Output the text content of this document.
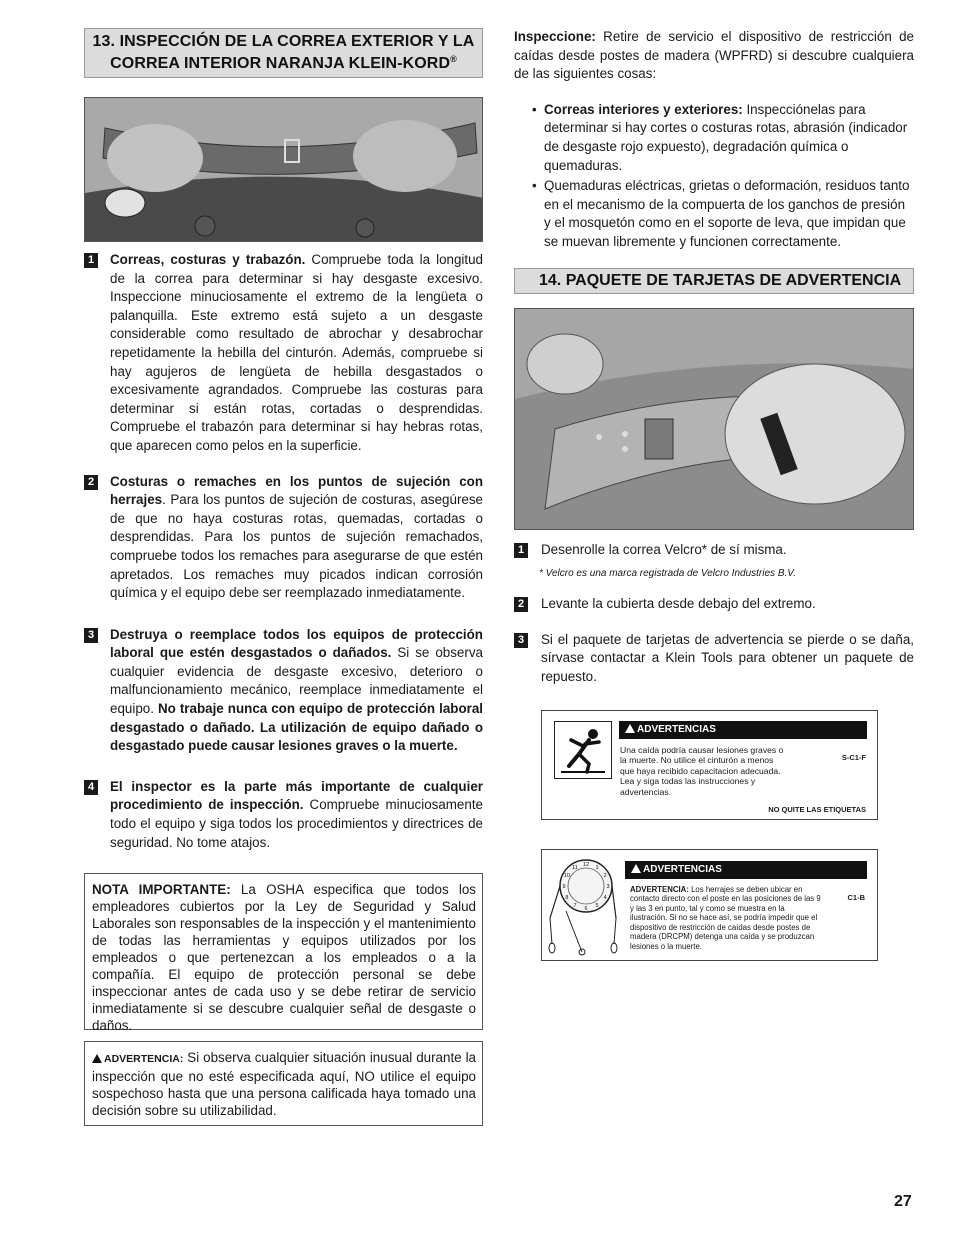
13. INSPECCIÓN DE LA CORREA EXTERIOR Y LA CORREA INTERIOR NARANJA KLEIN-KORD®
1 Correas, costuras y trabazón. Compruebe toda la longitud de la correa para determinar si hay desgaste excesivo. Inspeccione minuciosamente el extremo de la lengüeta o palanquilla. Este extremo está sujeto a un desgaste considerable como resultado de abrochar y desabrochar repetidamente la hebilla del cinturón. Además, compruebe si hay agujeros de lengüeta de hebilla desgastados o excesivamente agrandados. Compruebe las costuras para determinar si están rotas, cortadas o desprendidas. Compruebe el trabazón para determinar si hay hebras rotas, que aparecen como pelos en la superficie.
2 Costuras o remaches en los puntos de sujeción con herrajes. Para los puntos de sujeción de costuras, asegúrese de que no haya costuras rotas, quemadas, cortadas o desprendidas. Para los puntos de sujeción remachados, compruebe todos los remaches para asegurarse de que estén apretados. Los remaches muy picados indican corrosión química y el equipo debe ser reemplazado inmediatamente.
3 Destruya o reemplace todos los equipos de protección laboral que estén desgastados o dañados. Si se observa cualquier evidencia de desgaste excesivo, deterioro o malfuncionamiento mecánico, reemplace inmediatamente el equipo. No trabaje nunca con equipo de protección laboral desgastado o dañado. La utilización de equipo dañado o desgastado puede causar lesiones graves o la muerte.
4 El inspector es la parte más importante de cualquier procedimiento de inspección. Compruebe minuciosamente todo el equipo y siga todos los procedimientos y directrices de seguridad. No tome atajos.
NOTA IMPORTANTE: La OSHA especifica que todos los empleadores cubiertos por la Ley de Seguridad y Salud Laborales son responsables de la inspección y el mantenimiento de todas las herramientas y equipos utilizados por los empleados o que pertenezcan a los empleados o a la compañía. El equipo de protección personal se debe inspeccionar antes de cada uso y se debe retirar de servicio inmediatamente si se descubre cualquier señal de desgaste o daños.
ADVERTENCIA: Si observa cualquier situación inusual durante la inspección que no esté especificada aquí, NO utilice el equipo sospechoso hasta que una persona calificada haya tomado una decisión sobre su utilizabilidad.

Inspeccione: Retire de servicio el dispositivo de restricción de caídas desde postes de madera (WPFRD) si descubre cualquiera de las siguientes cosas:

• Correas interiores y exteriores: Inspecciónelas para determinar si hay cortes o costuras rotas, abrasión (indicador de desgaste rojo expuesto), degradación química o quemaduras.
• Quemaduras eléctricas, grietas o deformación, residuos tanto en el mecanismo de la compuerta de los ganchos de presión y el mosquetón como en el soporte de leva, que impidan que se muevan libremente y funcionen correctamente.
14. PAQUETE DE TARJETAS DE ADVERTENCIA
1 Desenrolle la correa Velcro* de sí misma.

* Velcro es una marca registrada de Velcro Industries B.V.

2 Levante la cubierta desde debajo del extremo.
3 Si el paquete de tarjetas de advertencia se pierde o se daña, sírvase contactar a Klein Tools para obtener un paquete de repuesto.
ADVERTENCIAS
Una caída podría causar lesiones graves o la muerte. No utilice el cinturón a menos que haya recibido capacitacion adecuada. Lea y siga todas las instrucciones y advertencias.
S-C1-F
NO QUITE LAS ETIQUETAS
12 1
2
3
4
5
6
7
8
9
10
11	ADVERTENCIAS
ADVERTENCIA: Los herrajes se deben ubicar en contacto directo con el poste en las posiciones de las 9 y las 3 en punto, tal y como se muestra en la ilustración. Si no se hace así, se podría impedir que el dispositivo de restricción de caídas desde postes de madera (DRCPM) detenga una caída y se produzcan lesiones o la muerte.
C1-B
27
